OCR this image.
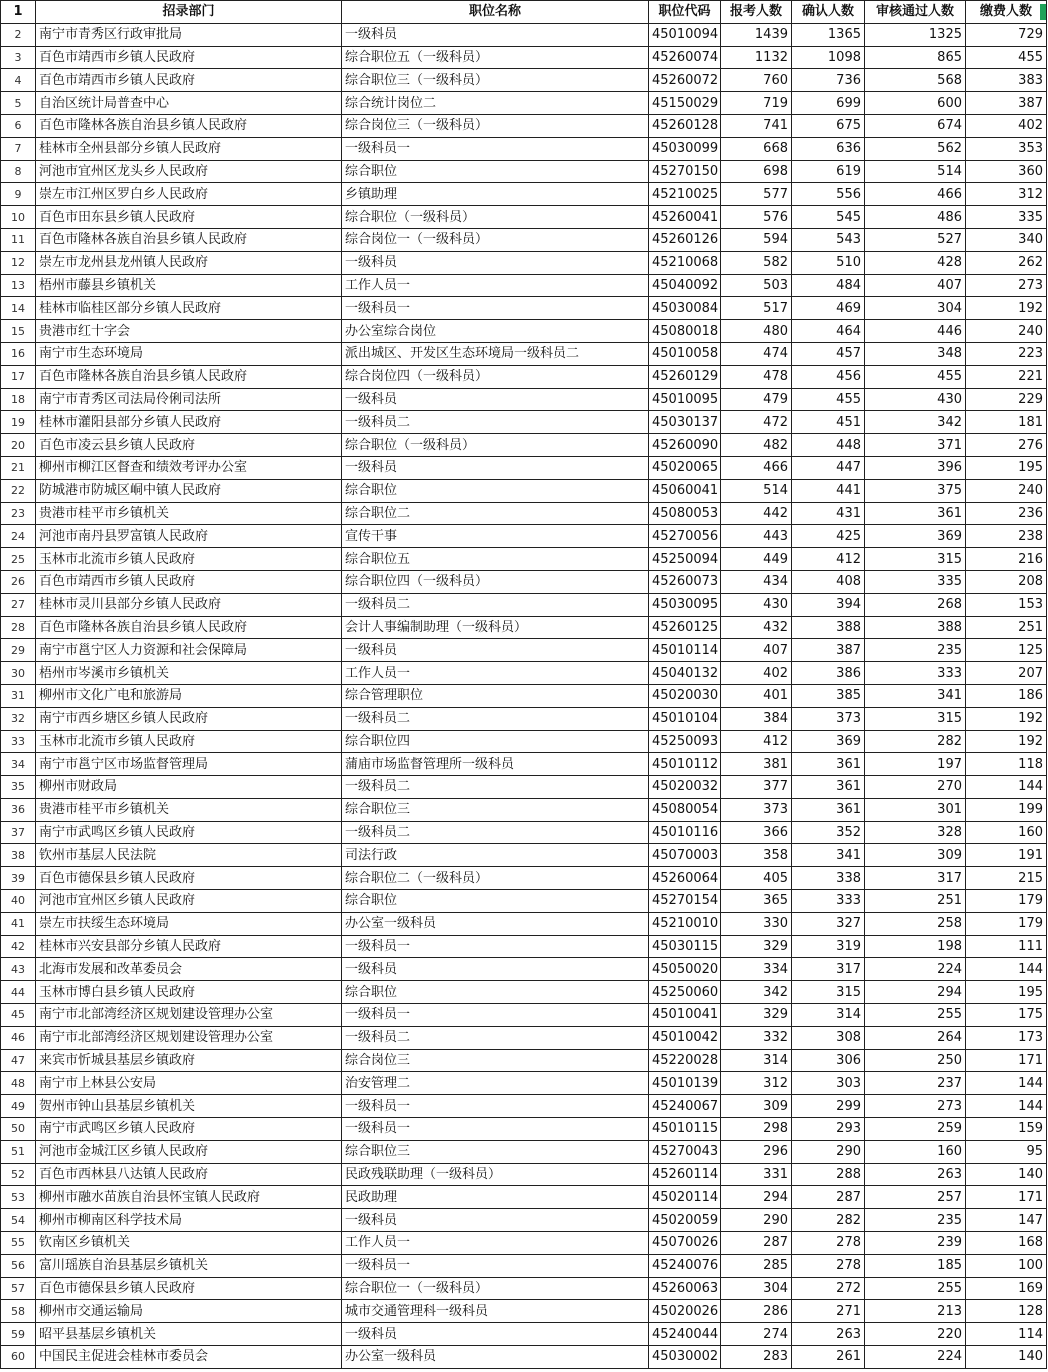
1	招录部门	职位名称	职位代码	报考人数	确认人数	审核通过人数	缴费人数
2	南宁市青秀区行政审批局	一级科员	45010094	1439	1365	1325	729
3	百色市靖西市乡镇人民政府	综合职位五（一级科员）	45260074	1132	1098	865	455
4	百色市靖西市乡镇人民政府	综合职位三（一级科员）	45260072	760	736	568	383
5	自治区统计局普查中心	综合统计岗位二	45150029	719	699	600	387
6	百色市隆林各族自治县乡镇人民政府	综合岗位三（一级科员）	45260128	741	675	674	402
7	桂林市全州县部分乡镇人民政府	一级科员一	45030099	668	636	562	353
8	河池市宜州区龙头乡人民政府	综合职位	45270150	698	619	514	360
9	崇左市江州区罗白乡人民政府	乡镇助理	45210025	577	556	466	312
10	百色市田东县乡镇人民政府	综合职位（一级科员）	45260041	576	545	486	335
11	百色市隆林各族自治县乡镇人民政府	综合岗位一（一级科员）	45260126	594	543	527	340
12	崇左市龙州县龙州镇人民政府	一级科员	45210068	582	510	428	262
13	梧州市藤县乡镇机关	工作人员一	45040092	503	484	407	273
14	桂林市临桂区部分乡镇人民政府	一级科员一	45030084	517	469	304	192
15	贵港市红十字会	办公室综合岗位	45080018	480	464	446	240
16	南宁市生态环境局	派出城区、开发区生态环境局一级科员二	45010058	474	457	348	223
17	百色市隆林各族自治县乡镇人民政府	综合岗位四（一级科员）	45260129	478	456	455	221
18	南宁市青秀区司法局伶俐司法所	一级科员	45010095	479	455	430	229
19	桂林市灌阳县部分乡镇人民政府	一级科员二	45030137	472	451	342	181
20	百色市凌云县乡镇人民政府	综合职位（一级科员）	45260090	482	448	371	276
21	柳州市柳江区督查和绩效考评办公室	一级科员	45020065	466	447	396	195
22	防城港市防城区峒中镇人民政府	综合职位	45060041	514	441	375	240
23	贵港市桂平市乡镇机关	综合职位二	45080053	442	431	361	236
24	河池市南丹县罗富镇人民政府	宣传干事	45270056	443	425	369	238
25	玉林市北流市乡镇人民政府	综合职位五	45250094	449	412	315	216
26	百色市靖西市乡镇人民政府	综合职位四（一级科员）	45260073	434	408	335	208
27	桂林市灵川县部分乡镇人民政府	一级科员二	45030095	430	394	268	153
28	百色市隆林各族自治县乡镇人民政府	会计人事编制助理（一级科员）	45260125	432	388	388	251
29	南宁市邕宁区人力资源和社会保障局	一级科员	45010114	407	387	235	125
30	梧州市岑溪市乡镇机关	工作人员一	45040132	402	386	333	207
31	柳州市文化广电和旅游局	综合管理职位	45020030	401	385	341	186
32	南宁市西乡塘区乡镇人民政府	一级科员二	45010104	384	373	315	192
33	玉林市北流市乡镇人民政府	综合职位四	45250093	412	369	282	192
34	南宁市邕宁区市场监督管理局	蒲庙市场监督管理所一级科员	45010112	381	361	197	118
35	柳州市财政局	一级科员二	45020032	377	361	270	144
36	贵港市桂平市乡镇机关	综合职位三	45080054	373	361	301	199
37	南宁市武鸣区乡镇人民政府	一级科员二	45010116	366	352	328	160
38	钦州市基层人民法院	司法行政	45070003	358	341	309	191
39	百色市德保县乡镇人民政府	综合职位二（一级科员）	45260064	405	338	317	215
40	河池市宜州区乡镇人民政府	综合职位	45270154	365	333	251	179
41	崇左市扶绥生态环境局	办公室一级科员	45210010	330	327	258	179
42	桂林市兴安县部分乡镇人民政府	一级科员一	45030115	329	319	198	111
43	北海市发展和改革委员会	一级科员	45050020	334	317	224	144
44	玉林市博白县乡镇人民政府	综合职位	45250060	342	315	294	195
45	南宁市北部湾经济区规划建设管理办公室	一级科员一	45010041	329	314	255	175
46	南宁市北部湾经济区规划建设管理办公室	一级科员二	45010042	332	308	264	173
47	来宾市忻城县基层乡镇政府	综合岗位三	45220028	314	306	250	171
48	南宁市上林县公安局	治安管理二	45010139	312	303	237	144
49	贺州市钟山县基层乡镇机关	一级科员一	45240067	309	299	273	144
50	南宁市武鸣区乡镇人民政府	一级科员一	45010115	298	293	259	159
51	河池市金城江区乡镇人民政府	综合职位三	45270043	296	290	160	95
52	百色市西林县八达镇人民政府	民政残联助理（一级科员）	45260114	331	288	263	140
53	柳州市融水苗族自治县怀宝镇人民政府	民政助理	45020114	294	287	257	171
54	柳州市柳南区科学技术局	一级科员	45020059	290	282	235	147
55	钦南区乡镇机关	工作人员一	45070026	287	278	239	168
56	富川瑶族自治县基层乡镇机关	一级科员一	45240076	285	278	185	100
57	百色市德保县乡镇人民政府	综合职位一（一级科员）	45260063	304	272	255	169
58	柳州市交通运输局	城市交通管理科一级科员	45020026	286	271	213	128
59	昭平县基层乡镇机关	一级科员	45240044	274	263	220	114
60	中国民主促进会桂林市委员会	办公室一级科员	45030002	283	261	224	140
